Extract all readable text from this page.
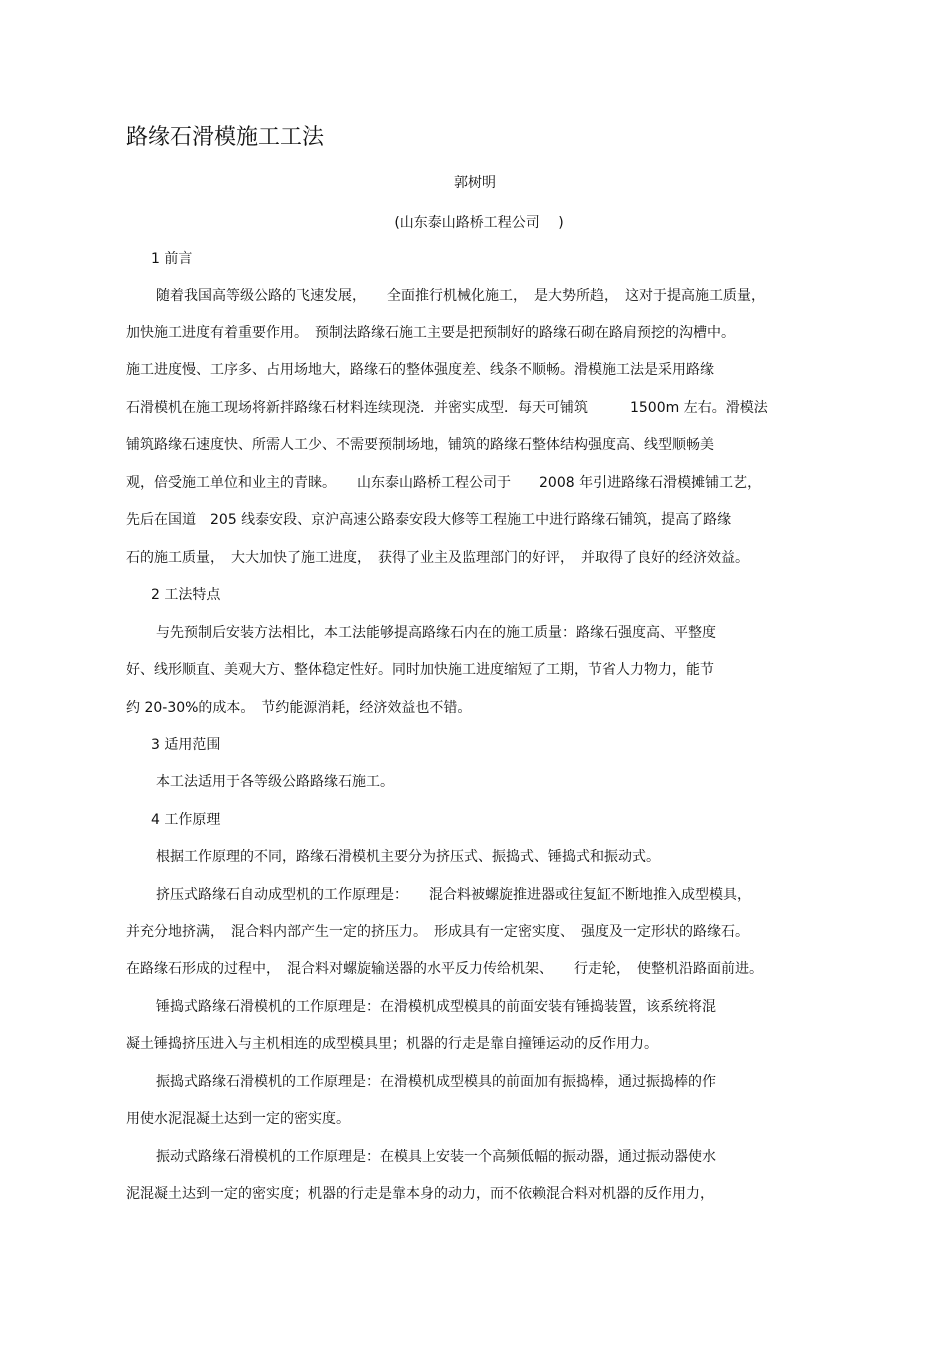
路缘石滑模施工工法
郭树明
(山东泰山路桥工程公司　 )
1 前言
随着我国高等级公路的飞速发展，　　全面推行机械化施工，　是大势所趋，　这对于提高施工质量，
加快施工进度有着重要作用。　预制法路缘石施工主要是把预制好的路缘石砌在路肩预挖的沟槽中。
施工进度慢、工序多、占用场地大，路缘石的整体强度差、线条不顺畅。滑模施工法是采用路缘
石滑模机在施工现场将新拌路缘石材料连续现浇．并密实成型．每天可铺筑　　　1500m 左右。滑模法
铺筑路缘石速度快、所需人工少、不需要预制场地，铺筑的路缘石整体结构强度高、线型顺畅美
观，倍受施工单位和业主的青睐。　　山东泰山路桥工程公司于　　2008 年引进路缘石滑模摊铺工艺，
先后在国道　205 线泰安段、京沪高速公路泰安段大修等工程施工中进行路缘石铺筑，提高了路缘
石的施工质量，　大大加快了施工进度，　获得了业主及监理部门的好评，　并取得了良好的经济效益。
2 工法特点
与先预制后安装方法相比，本工法能够提高路缘石内在的施工质量：路缘石强度高、平整度
好、线形顺直、美观大方、整体稳定性好。同时加快施工进度缩短了工期，节省人力物力，能节
约 20-30%的成本。　节约能源消耗，经济效益也不错。
3 适用范围
本工法适用于各等级公路路缘石施工。
4 工作原理
根据工作原理的不同，路缘石滑模机主要分为挤压式、振捣式、锤捣式和振动式。
挤压式路缘石自动成型机的工作原理是：　　混合料被螺旋推进器或往复缸不断地推入成型模具，
并充分地挤满，　混合料内部产生一定的挤压力。　形成具有一定密实度、　强度及一定形状的路缘石。
在路缘石形成的过程中，　混合料对螺旋输送器的水平反力传给机架、　　行走轮，　使整机沿路面前进。
锤捣式路缘石滑模机的工作原理是：在滑模机成型模具的前面安装有锤捣装置，该系统将混
凝土锤捣挤压进入与主机相连的成型模具里；机器的行走是靠自撞锤运动的反作用力。
振捣式路缘石滑模机的工作原理是：在滑模机成型模具的前面加有振捣棒，通过振捣棒的作
用使水泥混凝土达到一定的密实度。
振动式路缘石滑模机的工作原理是：在模具上安装一个高频低幅的振动器，通过振动器使水
泥混凝土达到一定的密实度；机器的行走是靠本身的动力，而不依赖混合料对机器的反作用力，
